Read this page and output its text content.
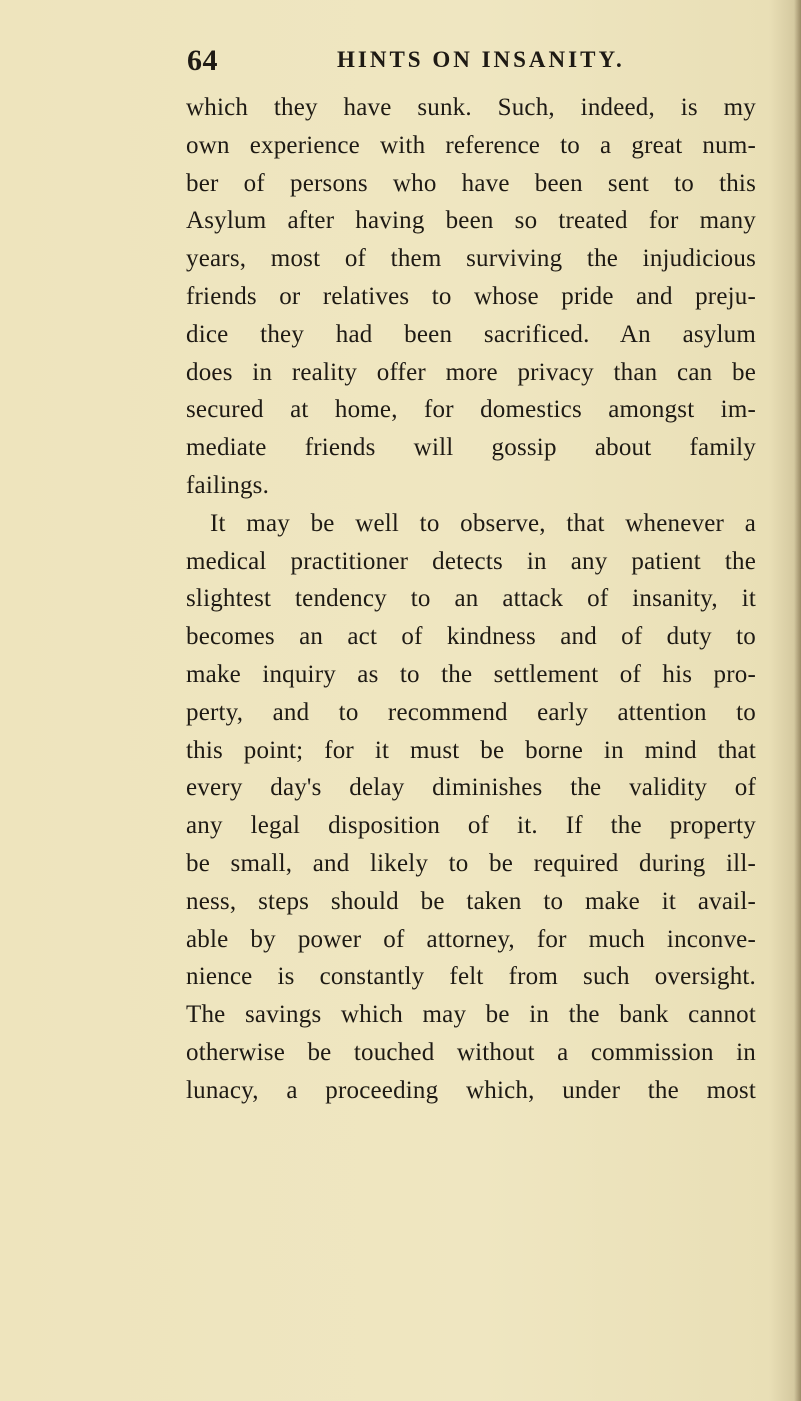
64	HINTS ON INSANITY.
which they have sunk. Such, indeed, is my
own experience with reference to a great num-
ber of persons who have been sent to this
Asylum after having been so treated for many
years, most of them surviving the injudicious
friends or relatives to whose pride and preju-
dice they had been sacrificed. An asylum
does in reality offer more privacy than can be
secured at home, for domestics amongst im-
mediate friends will gossip about family
failings.
It may be well to observe, that whenever a
medical practitioner detects in any patient the
slightest tendency to an attack of insanity, it
becomes an act of kindness and of duty to
make inquiry as to the settlement of his pro-
perty, and to recommend early attention to
this point; for it must be borne in mind that
every day's delay diminishes the validity of
any legal disposition of it. If the property
be small, and likely to be required during ill-
ness, steps should be taken to make it avail-
able by power of attorney, for much inconve-
nience is constantly felt from such oversight.
The savings which may be in the bank cannot
otherwise be touched without a commission in
lunacy, a proceeding which, under the most
